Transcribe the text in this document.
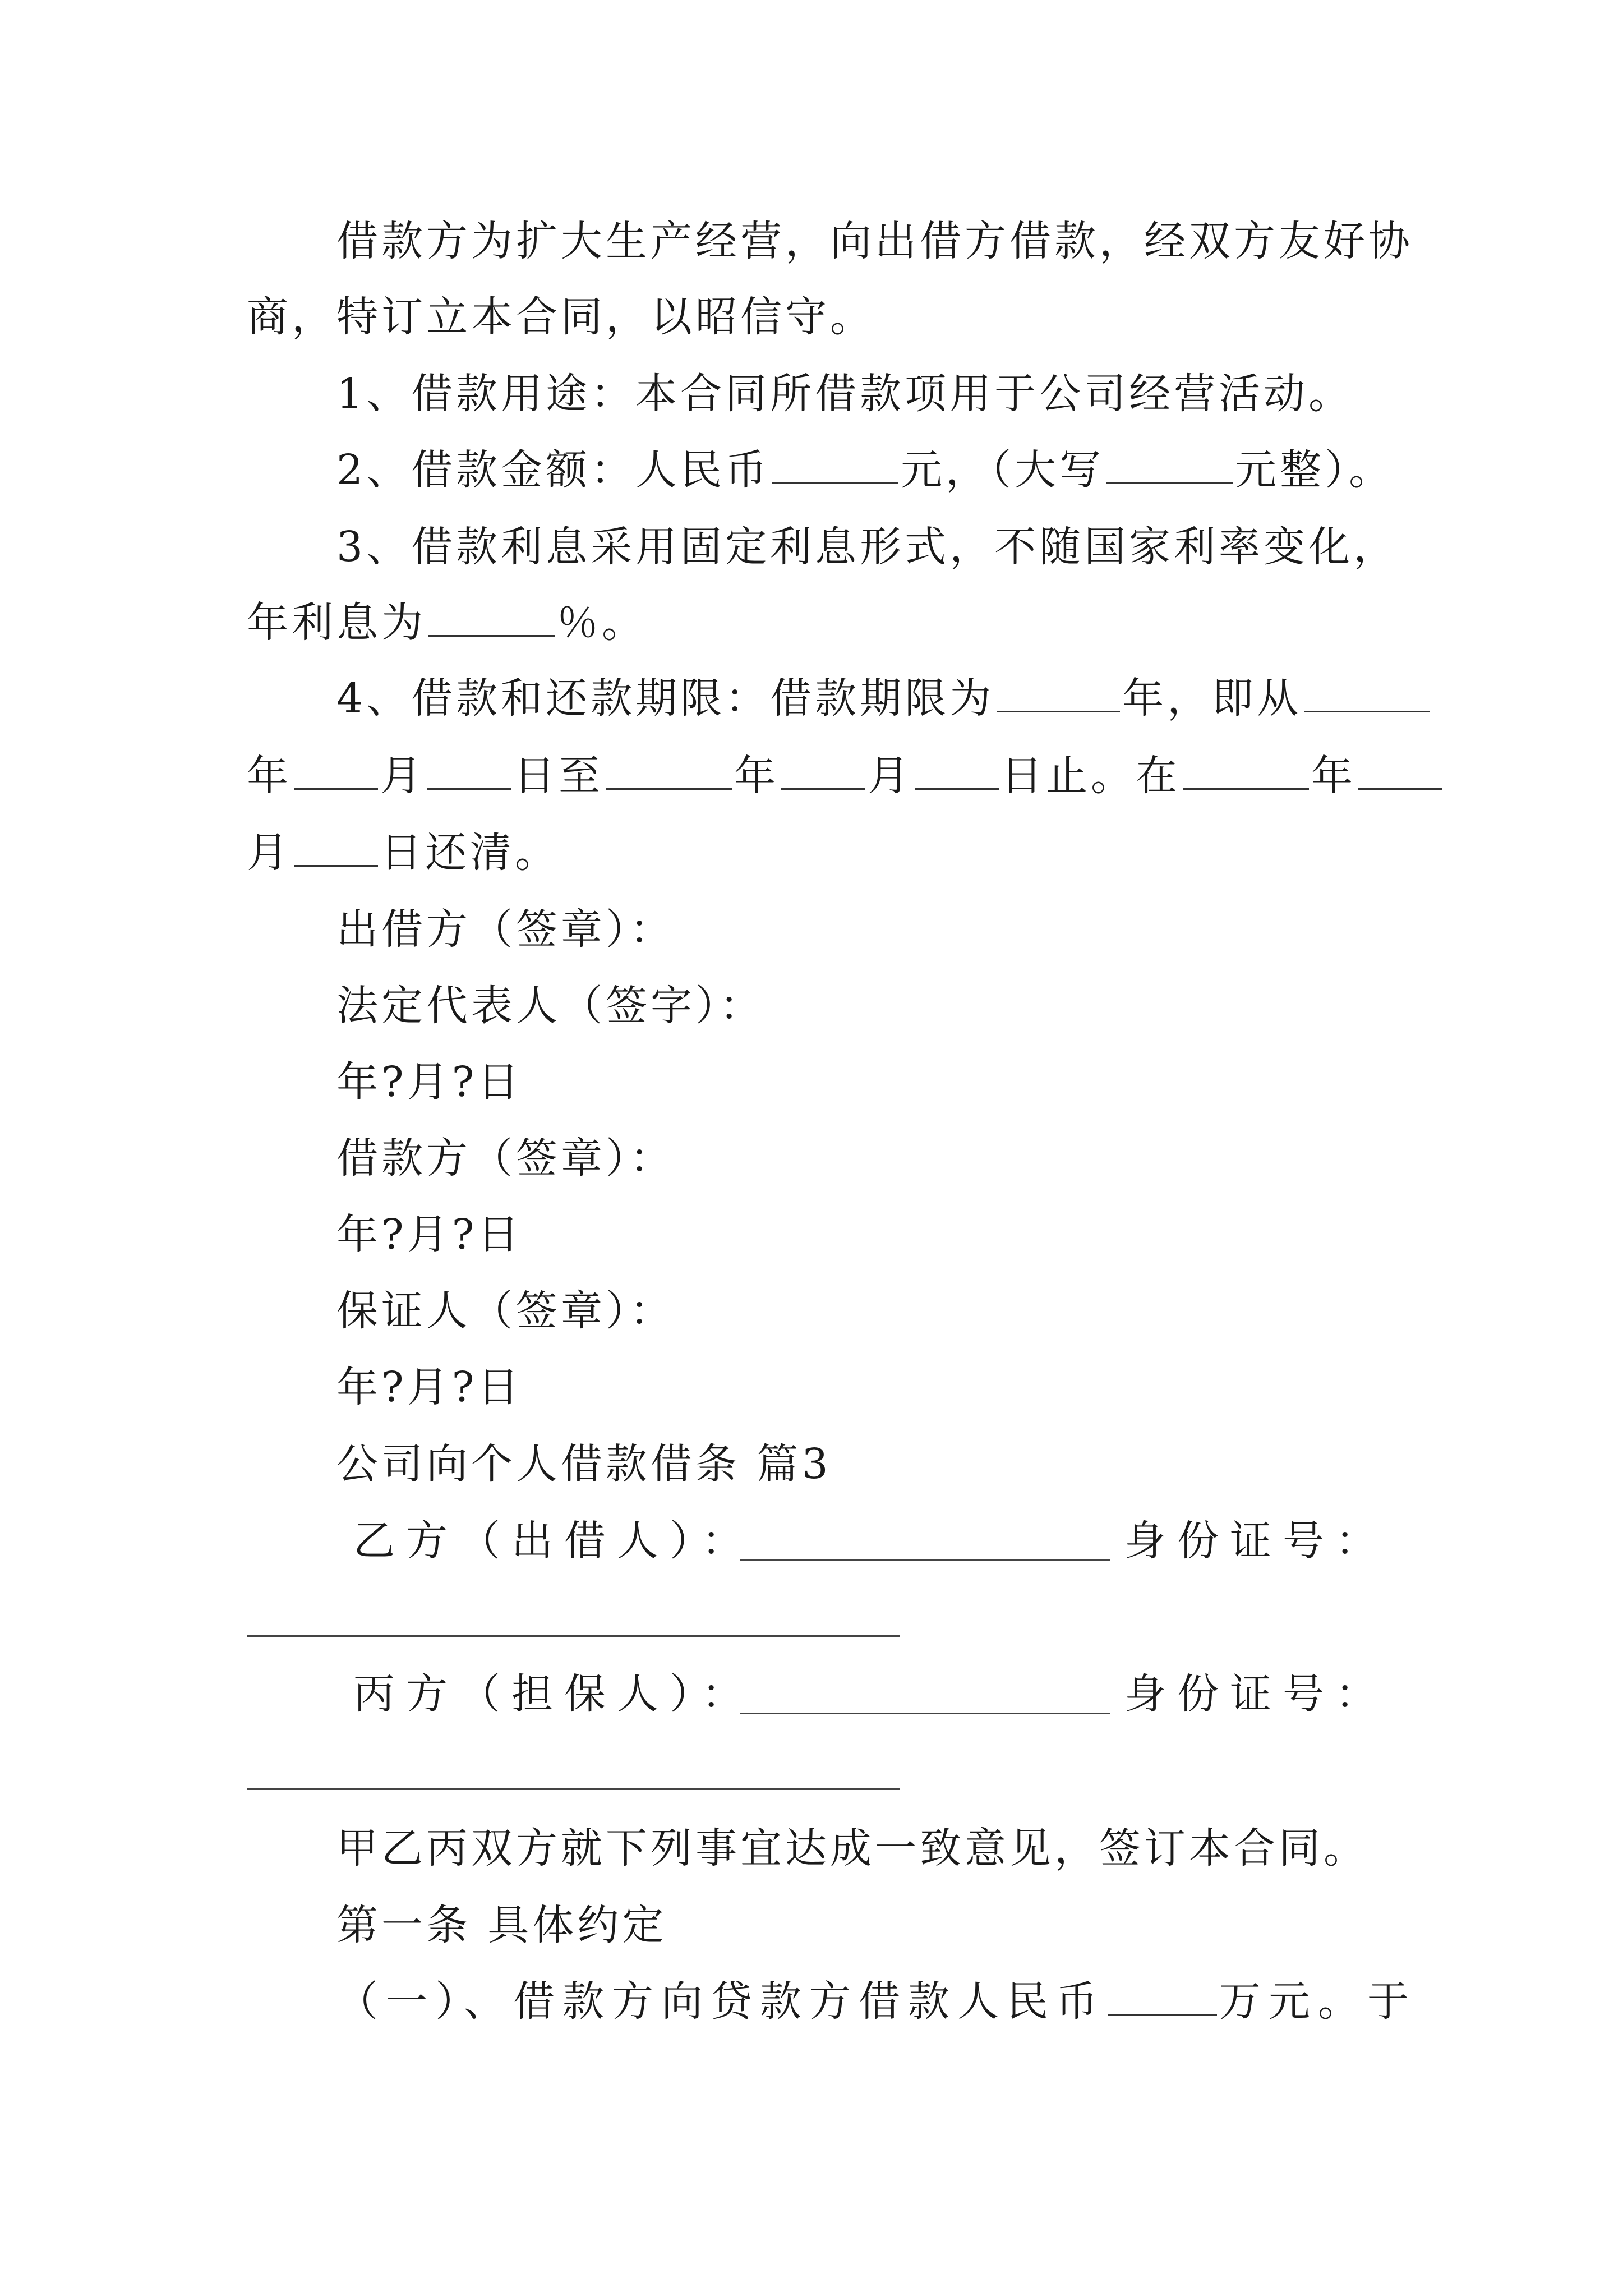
借款方为扩大生产经营，向出借方借款，经双方友好协
商，特订立本合同，以昭信守。
1、借款用途：本合同所借款项用于公司经营活动。
2、借款金额：人民币	元，（大写	元整）。
3、借款利息采用固定利息形式，不随国家利率变化，
年利息为	％。
4、借款和还款期限：借款期限为	年，即从
年 月 日至	年 月 日止。在	年
月 日还清。
出借方（签章）：
法定代表人（签字）：
年?月?日
借款方（签章）：
年?月?日
保证人（签章）：
年?月?日
公司向个人借款借条 篇3
乙方（出借人）：	身份证号：
丙方（担保人）：	身份证号：
甲乙丙双方就下列事宜达成一致意见，签订本合同。
第一条 具体约定
（一）、借款方向贷款方借款人民币	万元。于
